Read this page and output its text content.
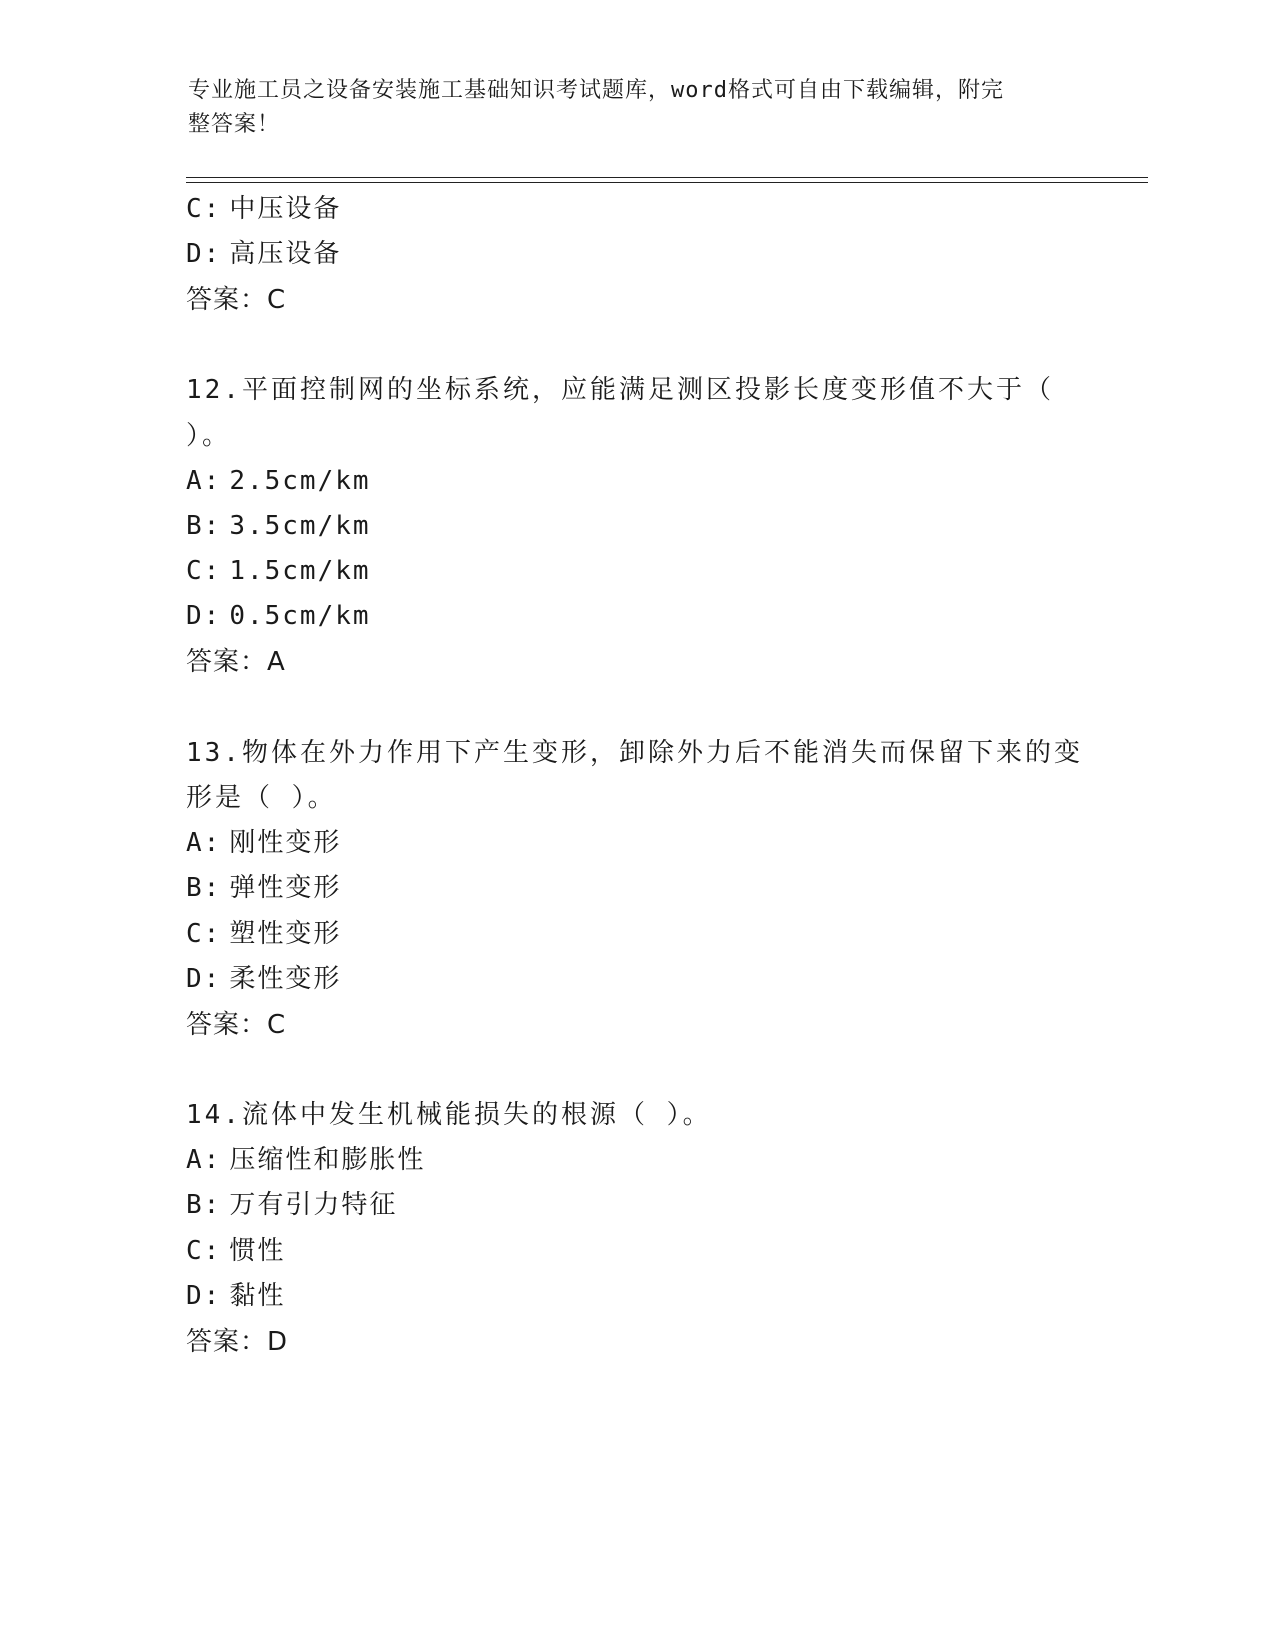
专业施工员之设备安装施工基础知识考试题库，word格式可自由下载编辑，附完
整答案！
C: 中压设备
D: 高压设备
答案：C
12.平面控制网的坐标系统，应能满足测区投影长度变形值不大于（
）。
A: 2.5cm/km
B: 3.5cm/km
C: 1.5cm/km
D: 0.5cm/km
答案：A
13.物体在外力作用下产生变形，卸除外力后不能消失而保留下来的变
形是（ ）。
A: 刚性变形
B: 弹性变形
C: 塑性变形
D: 柔性变形
答案：C
14.流体中发生机械能损失的根源（ ）。
A: 压缩性和膨胀性
B: 万有引力特征
C: 惯性
D: 黏性
答案：D
